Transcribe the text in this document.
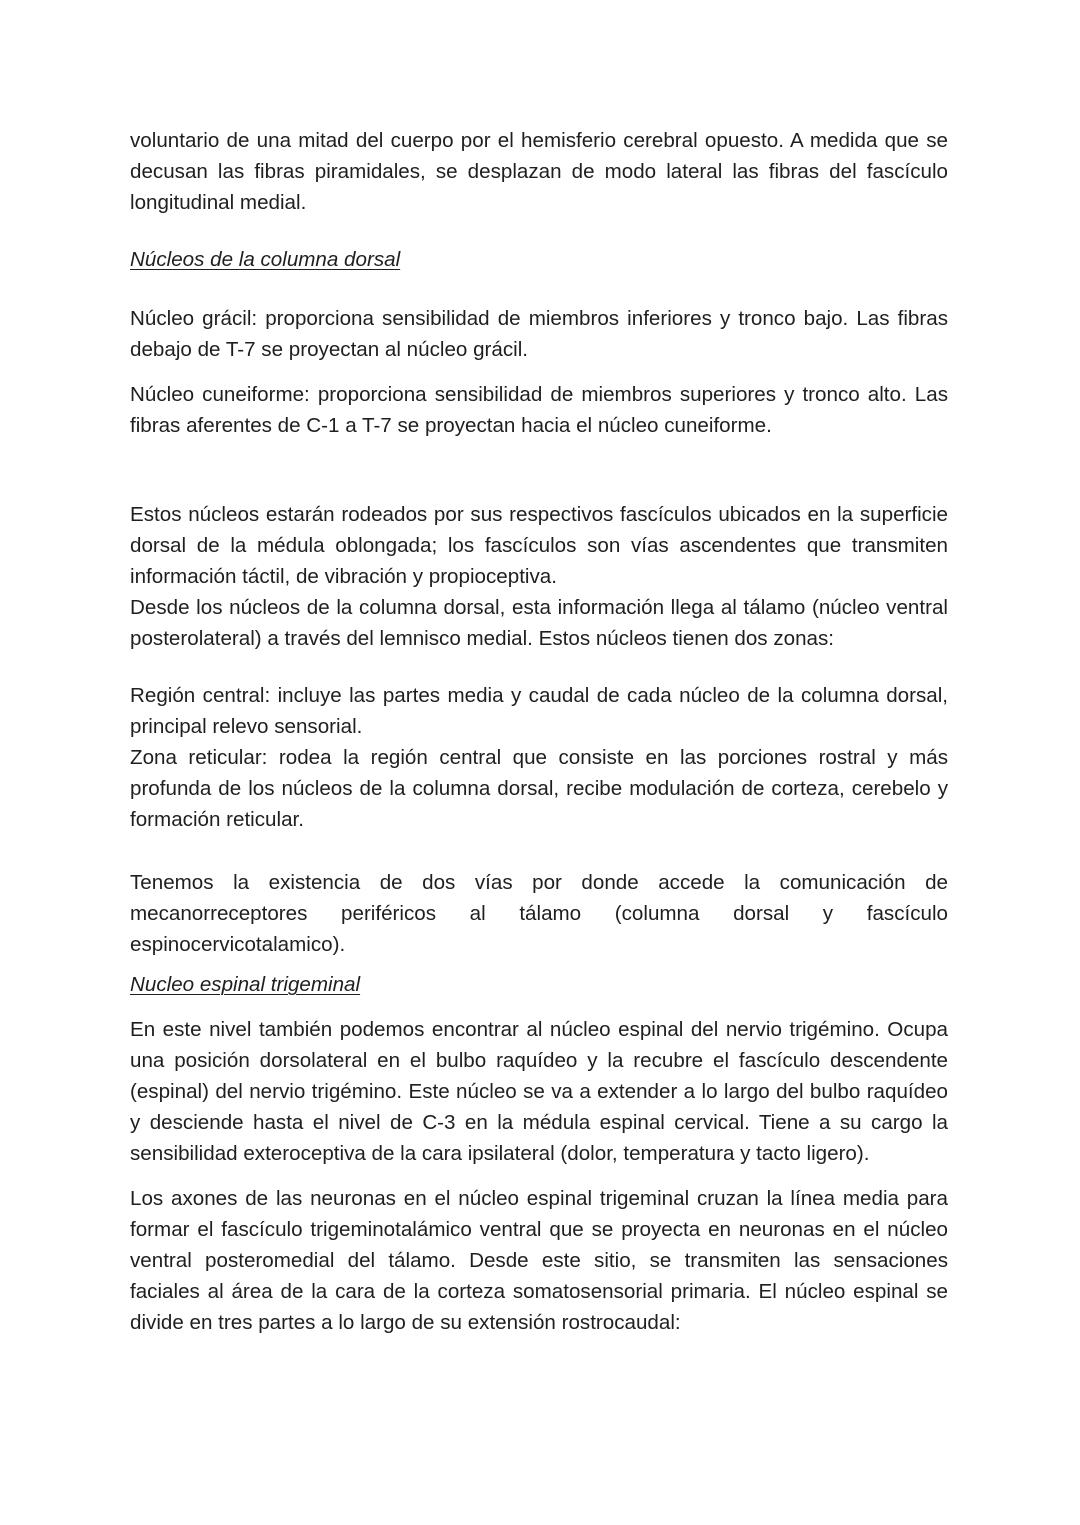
voluntario de una mitad del cuerpo por el hemisferio cerebral opuesto. A medida que se decusan las fibras piramidales, se desplazan de modo lateral las fibras del fascículo longitudinal medial.

Núcleos de la columna dorsal

Núcleo grácil: proporciona sensibilidad de miembros inferiores y tronco bajo. Las fibras debajo de T-7 se proyectan al núcleo grácil.

Núcleo cuneiforme: proporciona sensibilidad de miembros superiores y tronco alto. Las fibras aferentes de C-1 a T-7 se proyectan hacia el núcleo cuneiforme.

Estos núcleos estarán rodeados por sus respectivos fascículos ubicados en la superficie dorsal de la médula oblongada; los fascículos son vías ascendentes que transmiten información táctil, de vibración y propioceptiva.

Desde los núcleos de la columna dorsal, esta información llega al tálamo (núcleo ventral posterolateral) a través del lemnisco medial. Estos núcleos tienen dos zonas:

Región central: incluye las partes media y caudal de cada núcleo de la columna dorsal, principal relevo sensorial.

Zona reticular: rodea la región central que consiste en las porciones rostral y más profunda de los núcleos de la columna dorsal, recibe modulación de corteza, cerebelo y formación reticular.

Tenemos la existencia de dos vías por donde accede la comunicación de mecanorreceptores periféricos al tálamo (columna dorsal y fascículo espinocervicotalamico).

Nucleo espinal trigeminal

En este nivel también podemos encontrar al núcleo espinal del nervio trigémino. Ocupa una posición dorsolateral en el bulbo raquídeo y la recubre el fascículo descendente (espinal) del nervio trigémino. Este núcleo se va a extender a lo largo del bulbo raquídeo y desciende hasta el nivel de C-3 en la médula espinal cervical. Tiene a su cargo la sensibilidad exteroceptiva de la cara ipsilateral (dolor, temperatura y tacto ligero).

Los axones de las neuronas en el núcleo espinal trigeminal cruzan la línea media para formar el fascículo trigeminotalámico ventral que se proyecta en neuronas en el núcleo ventral posteromedial del tálamo. Desde este sitio, se transmiten las sensaciones faciales al área de la cara de la corteza somatosensorial primaria. El núcleo espinal se divide en tres partes a lo largo de su extensión rostrocaudal:
